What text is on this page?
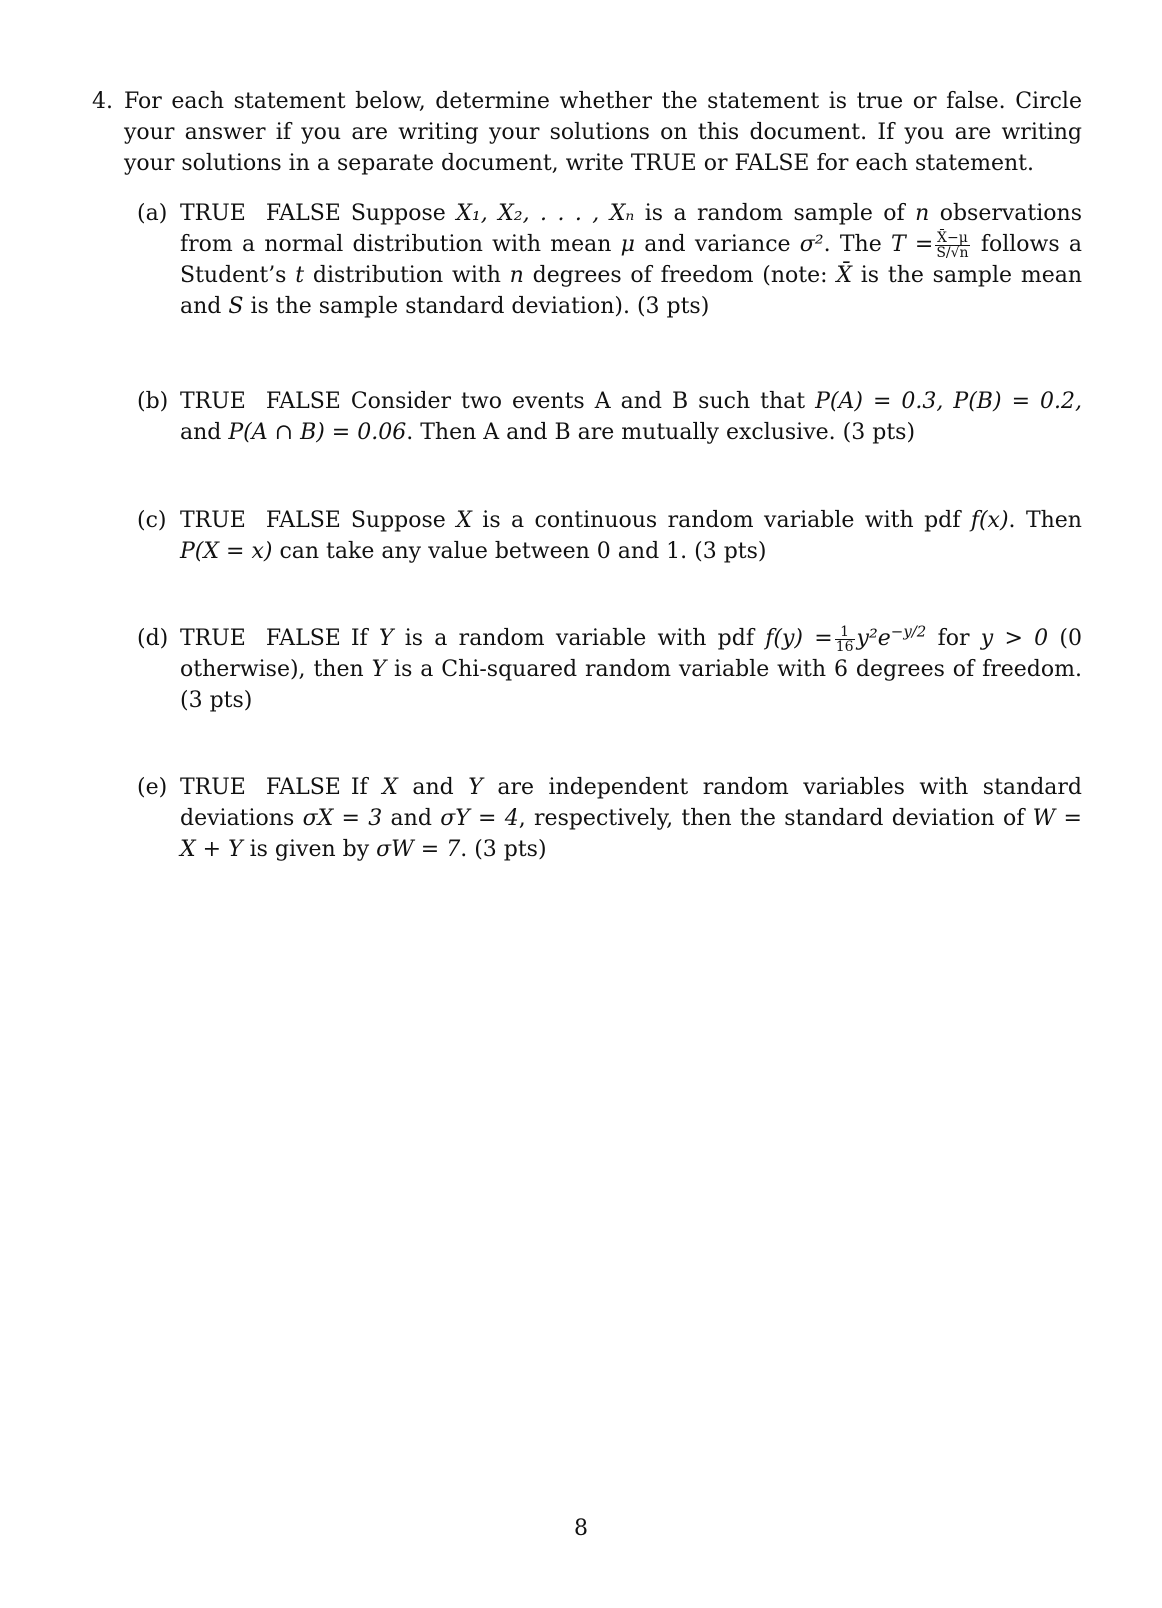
4. For each statement below, determine whether the statement is true or false. Circle your answer if you are writing your solutions on this document. If you are writing your solutions in a separate document, write TRUE or FALSE for each statement.
(a) TRUE FALSE Suppose X₁, X₂, . . . , Xₙ is a random sample of n observations from a normal distribution with mean μ and variance σ². The $T = \frac{X̄-\mu}{S/√n}$ follows a Student’s t distribution with n degrees of freedom (note: X̄ is the sample mean and S is the sample standard deviation). (3 pts)
(b) TRUE FALSE Consider two events A and B such that P(A) = 0.3, P(B) = 0.2, and P(A ∩ B) = 0.06. Then A and B are mutually exclusive. (3 pts)
(c) TRUE FALSE Suppose X is a continuous random variable with pdf f(x). Then P(X = x) can take any value between 0 and 1. (3 pts)
(d) TRUE FALSE If Y is a random variable with pdf $f(y) = \frac{1}{16} y^2e^{-y/2}$ for y > 0 (0 otherwise), then Y is a Chi-squared random variable with 6 degrees of freedom. (3 pts)
(e) TRUE FALSE If X and Y are independent random variables with standard deviations σX = 3 and σY = 4, respectively, then the standard deviation of W = X + Y is given by σW = 7. (3 pts)
8
